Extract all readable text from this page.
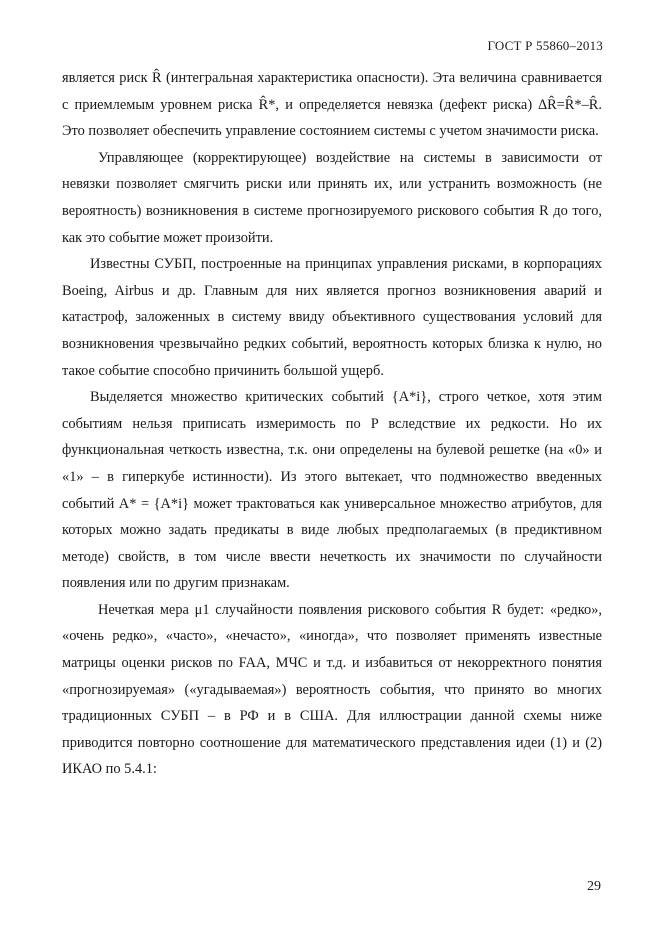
ГОСТ Р 55860–2013

является риск R̂ (интегральная характеристика опасности). Эта величина сравнивается с приемлемым уровнем риска R̂*, и определяется невязка (дефект риска) ∆R̂=R̂*–R̂. Это позволяет обеспечить управление состоянием системы с учетом значимости риска.

Управляющее (корректирующее) воздействие на системы в зависимости от невязки позволяет смягчить риски или принять их, или устранить возможность (не вероятность) возникновения в системе прогнозируемого рискового события R до того, как это событие может произойти.

Известны СУБП, построенные на принципах управления рисками, в корпорациях Boeing, Airbus и др. Главным для них является прогноз возникновения аварий и катастроф, заложенных в систему ввиду объективного существования условий для возникновения чрезвычайно редких событий, вероятность которых близка к нулю, но такое событие способно причинить большой ущерб.

Выделяется множество критических событий {A*i}, строго четкое, хотя этим событиям нельзя приписать измеримость по P вследствие их редкости. Но их функциональная четкость известна, т.к. они определены на булевой решетке (на «0» и «1» – в гиперкубе истинности). Из этого вытекает, что подмножество введенных событий A* = {A*i} может трактоваться как универсальное множество атрибутов, для которых можно задать предикаты в виде любых предполагаемых (в предиктивном методе) свойств, в том числе ввести нечеткость их значимости по случайности появления или по другим признакам.

Нечеткая мера μ1 случайности появления рискового события R будет: «редко», «очень редко», «часто», «нечасто», «иногда», что позволяет применять известные матрицы оценки рисков по FAA, МЧС и т.д. и избавиться от некорректного понятия «прогнозируемая» («угадываемая») вероятность события, что принято во многих традиционных СУБП – в РФ и в США. Для иллюстрации данной схемы ниже приводится повторно соотношение для математического представления идеи (1) и (2) ИКАО по 5.4.1:

29
